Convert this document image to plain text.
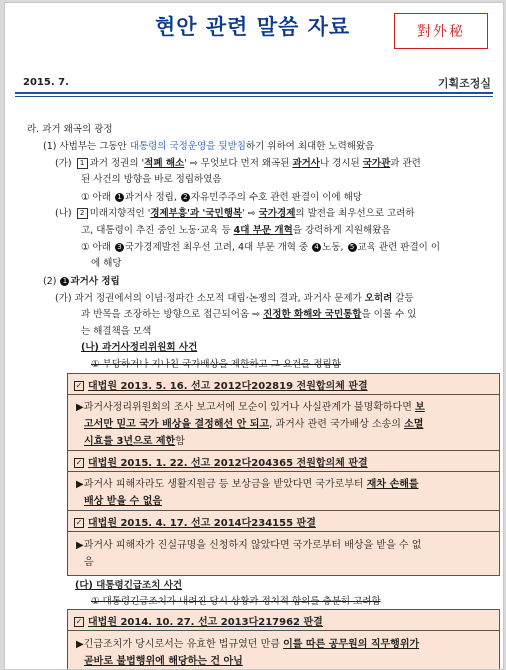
현안 관련 말씀 자료	對外秘
2015. 7.	기획조정실
라. 과거 왜곡의 광정
(1) 사법부는 그동안 대통령의 국정운영을 뒷받침하기 위하여 최대한 노력해왔음
(가) 1 과거 정권의 '적폐 해소' ⇨ 무엇보다 먼저 왜곡된 과거사나 경시된 국가관과 관련
된 사건의 방향을 바로 정립하였음
① 아래 1 과거사 정립, 2 자유민주주의 수호 관련 판결이 이에 해당
(나) 2 미래지향적인 '경제부흥'과 '국민행복' ⇨ 국가경제의 발전을 최우선으로 고려하
고, 대통령이 추진 중인 노동·교육 등 4대 부문 개혁을 강력하게 지원해왔음
① 아래 3 국가경제발전 최우선 고려, 4대 부문 개혁 중 4 노동, 5 교육 관련 판결이 이
에 해당
(2) 1 과거사 정립
(가) 과거 정권에서의 이념·정파간 소모적 대립·논쟁의 결과, 과거사 문제가 오히려 갈등
과 반목을 조장하는 방향으로 접근되어옴 ⇨ 진정한 화해와 국민통합을 이룰 수 있
는 해결책을 모색
(나) 과거사정리위원회 사건
① 부당하거나 지나친 국가배상을 제한하고 그 요건을 정립함
✓ 대법원 2013. 5. 16. 선고 2012다202819 전원합의체 판결
▶과거사정리위원회의 조사 보고서에 모순이 있거나 사실관계가 불명확하다면 보
고서만 믿고 국가 배상을 결정해선 안 되고, 과거사 관련 국가배상 소송의 소멸
시효를 3년으로 제한함
✓ 대법원 2015. 1. 22. 선고 2012다204365 전원합의체 판결
▶과거사 피해자라도 생활지원금 등 보상금을 받았다면 국가로부터 재차 손해를
배상 받을 수 없음
✓ 대법원 2015. 4. 17. 선고 2014다234155 판결
▶과거사 피해자가 진실규명을 신청하지 않았다면 국가로부터 배상을 받을 수 없
음
(다) 대통령긴급조치 사건
① 대통령긴급조치가 내려진 당시 상황과 정치적 함의를 충분히 고려함
✓ 대법원 2014. 10. 27. 선고 2013다217962 판결
▶긴급조치가 당시로서는 유효한 법규였던 만큼 이를 따른 공무원의 직무행위가
곧바로 불법행위에 해당하는 건 아님
